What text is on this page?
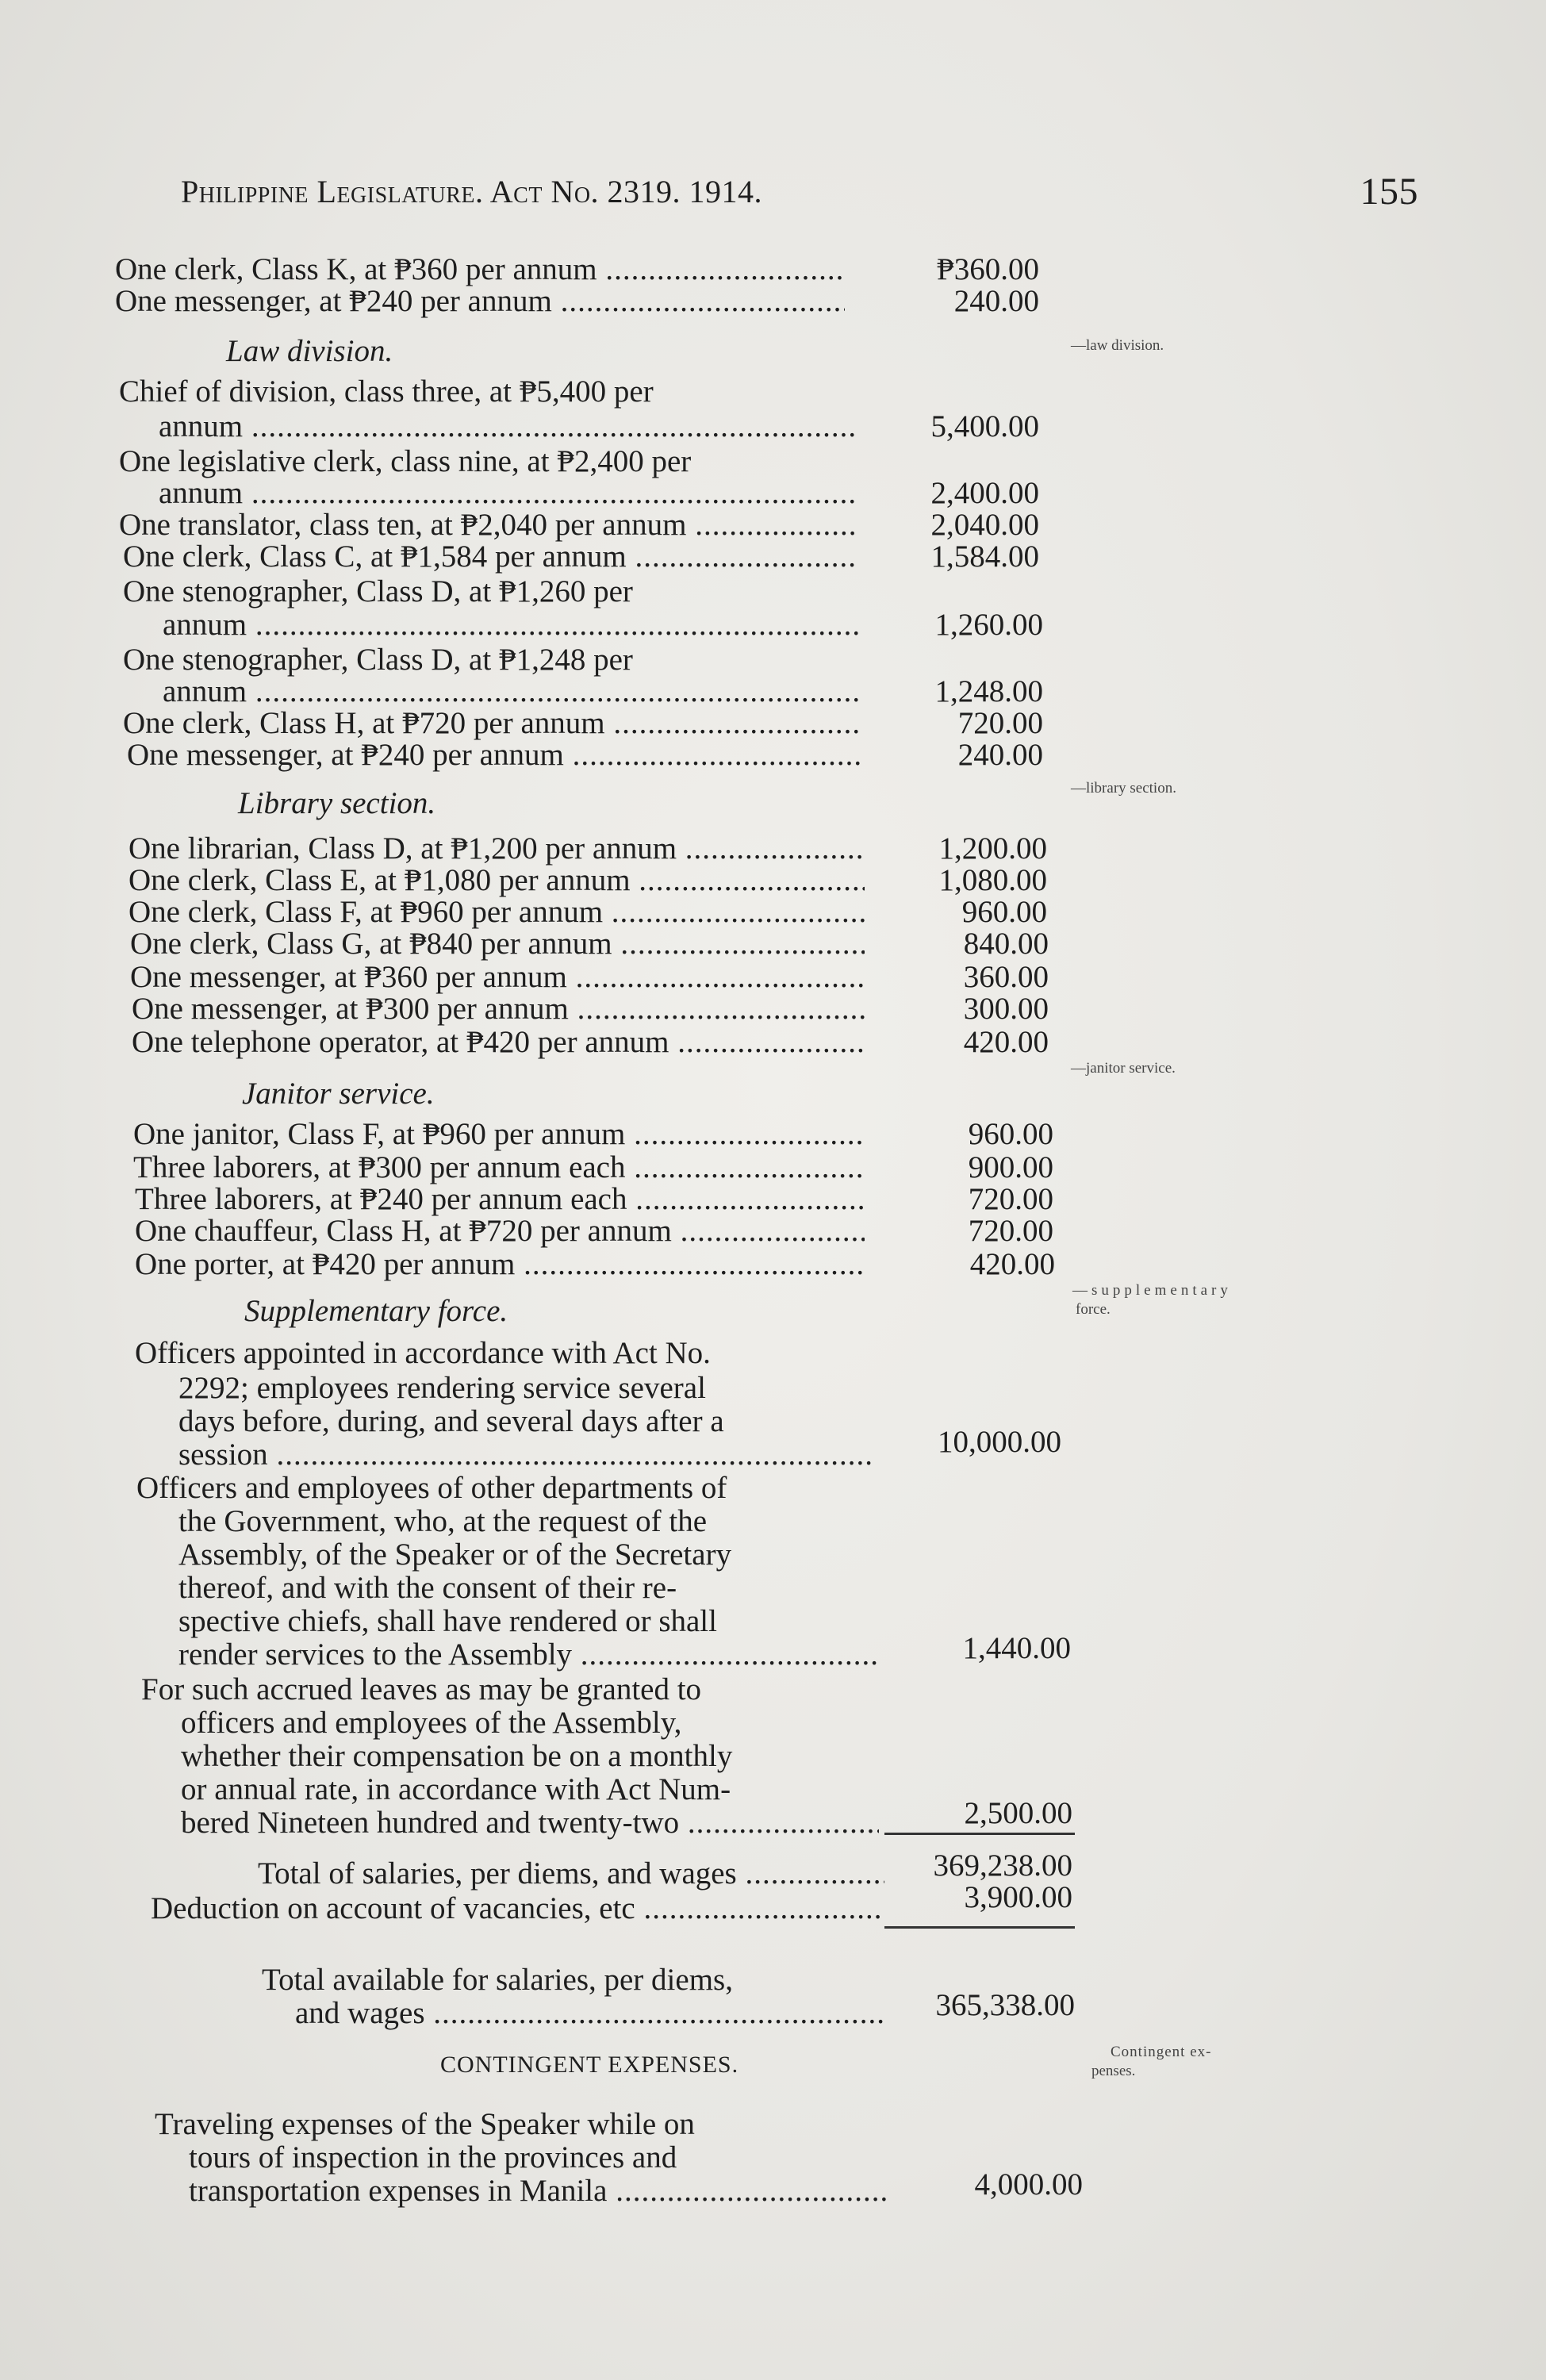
Philippine Legislature. Act No. 2319. 1914.	155
One clerk, Class K, at ₱360 per annum .....	₱360.00
One messenger, at ₱240 per annum .....	240.00
Law division.	—law division.
Chief of division, class three, at ₱5,400 per
annum .....	5,400.00
One legislative clerk, class nine, at ₱2,400 per
annum .....	2,400.00
One translator, class ten, at ₱2,040 per annum .....	2,040.00
One clerk, Class C, at ₱1,584 per annum .....	1,584.00
One stenographer, Class D, at ₱1,260 per
annum .....	1,260.00
One stenographer, Class D, at ₱1,248 per
annum .....	1,248.00
One clerk, Class H, at ₱720 per annum .....	720.00
One messenger, at ₱240 per annum .....	240.00
Library section.	—library section.
One librarian, Class D, at ₱1,200 per annum .....	1,200.00
One clerk, Class E, at ₱1,080 per annum .....	1,080.00
One clerk, Class F, at ₱960 per annum .....	960.00
One clerk, Class G, at ₱840 per annum .....	840.00
One messenger, at ₱360 per annum .....	360.00
One messenger, at ₱300 per annum .....	300.00
One telephone operator, at ₱420 per annum .....	420.00
Janitor service.
—janitor service.
One janitor, Class F, at ₱960 per annum .....	960.00
Three laborers, at ₱300 per annum each .....	900.00
Three laborers, at ₱240 per annum each .....	720.00
One chauffeur, Class H, at ₱720 per annum .....	720.00
One porter, at ₱420 per annum .....	420.00
Supplementary force.
—supplementary
force.
Officers appointed in accordance with Act No.
2292; employees rendering service several
days before, during, and several days after a
session .....	10,000.00
Officers and employees of other departments of
the Government, who, at the request of the
Assembly, of the Speaker or of the Secretary
thereof, and with the consent of their re-
spective chiefs, shall have rendered or shall
render services to the Assembly .....	1,440.00
For such accrued leaves as may be granted to
officers and employees of the Assembly,
whether their compensation be on a monthly
or annual rate, in accordance with Act Num-
bered Nineteen hundred and twenty-two .....	2,500.00
Total of salaries, per diems, and wages .....	369,238.00
Deduction on account of vacancies, etc .....	3,900.00
Total available for salaries, per diems,
and wages .....	365,338.00
CONTINGENT EXPENSES.	Contingent ex-
penses.
Traveling expenses of the Speaker while on
tours of inspection in the provinces and
transportation expenses in Manila .....	4,000.00
